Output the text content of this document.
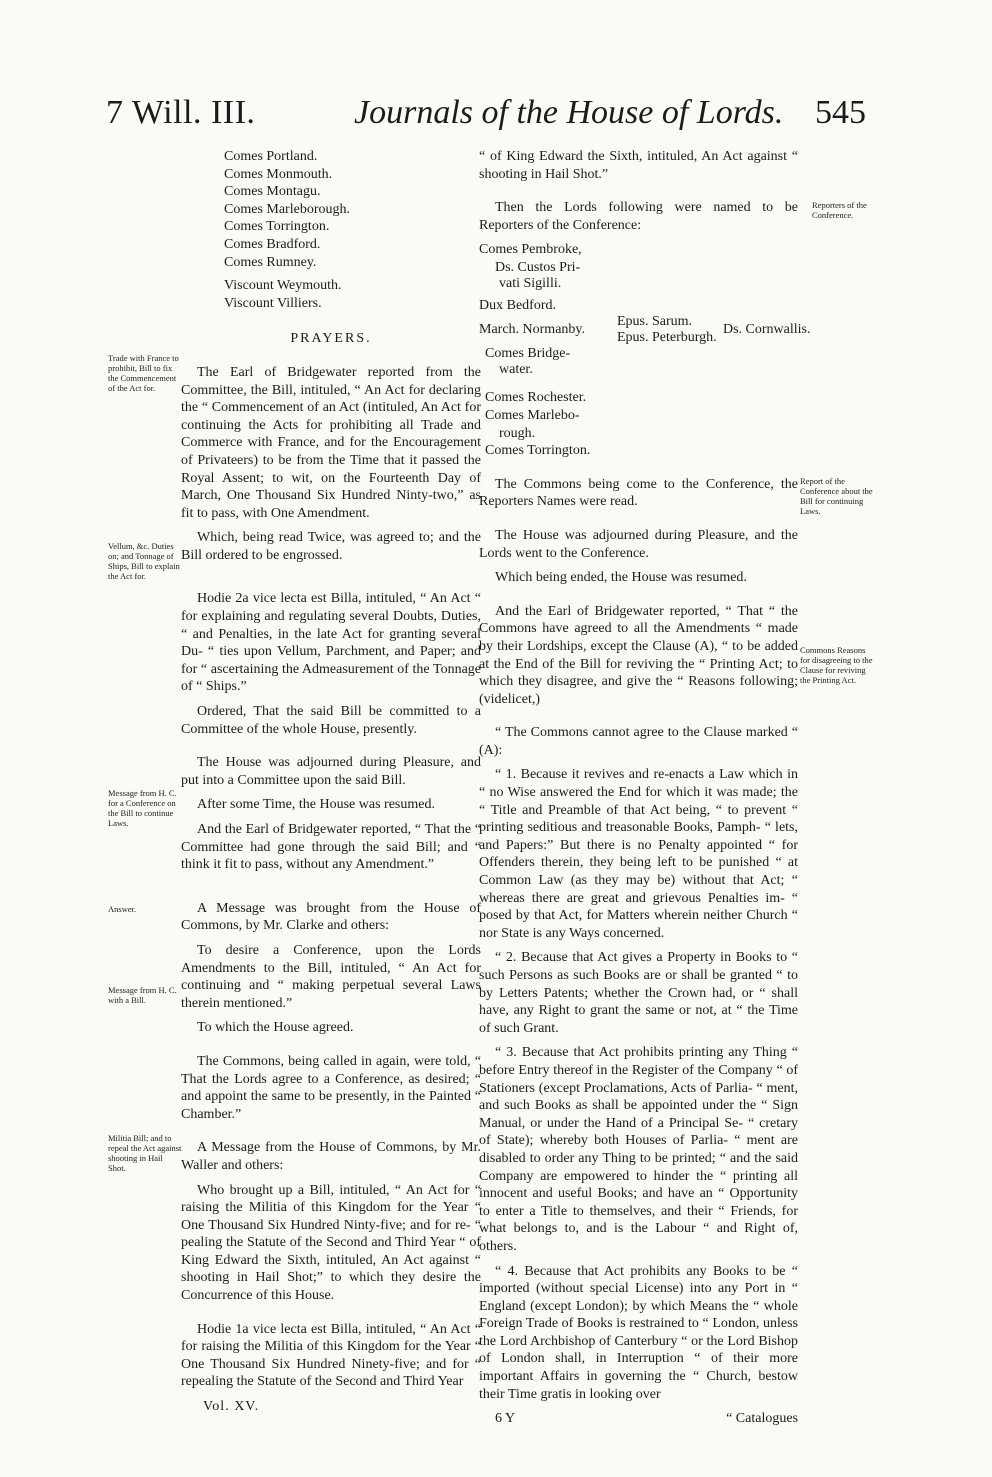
7 Will. III.	Journals of the House of Lords. 545
Trade with France to prohibit, Bill to fix the Commencement of the Act for.
Vellum, &c. Duties on; and Tonnage of Ships, Bill to explain the Act for.
Message from H. C. for a Conference on the Bill to continue Laws.
Answer.
Message from H. C. with a Bill.
Militia Bill; and to repeal the Act against shooting in Hail Shot.
Reporters of the Conference.
Report of the Conference about the Bill for continuing Laws.
Commons Reasons for disagreeing to the Clause for reviving the Printing Act.
Comes Portland.
Comes Monmouth.
Comes Montagu.
Comes Marleborough.
Comes Torrington.
Comes Bradford.
Comes Rumney.
Viscount Weymouth.
Viscount Villiers.
PRAYERS.

The Earl of Bridgewater reported from the Committee, the Bill, intituled, “ An Act for declaring the “ Commencement of an Act (intituled, An Act for continuing the Acts for prohibiting all Trade and Commerce with France, and for the Encouragement of Privateers) to be from the Time that it passed the Royal Assent; to wit, on the Fourteenth Day of March, One Thousand Six Hundred Ninty-two,” as fit to pass, with One Amendment.

Which, being read Twice, was agreed to; and the Bill ordered to be engrossed.

Hodie 2a vice lecta est Billa, intituled, “ An Act “ for explaining and regulating several Doubts, Duties, “ and Penalties, in the late Act for granting several Du- “ ties upon Vellum, Parchment, and Paper; and for “ ascertaining the Admeasurement of the Tonnage of “ Ships.”

Ordered, That the said Bill be committed to a Committee of the whole House, presently.

The House was adjourned during Pleasure, and put into a Committee upon the said Bill.

After some Time, the House was resumed.

And the Earl of Bridgewater reported, “ That the “ Committee had gone through the said Bill; and “ think it fit to pass, without any Amendment.”

A Message was brought from the House of Commons, by Mr. Clarke and others:

To desire a Conference, upon the Lords Amendments to the Bill, intituled, “ An Act for continuing and “ making perpetual several Laws therein mentioned.”

To which the House agreed.

The Commons, being called in again, were told, “ That the Lords agree to a Conference, as desired; “ and appoint the same to be presently, in the Painted “ Chamber.”

A Message from the House of Commons, by Mr. Waller and others:

Who brought up a Bill, intituled, “ An Act for “ raising the Militia of this Kingdom for the Year “ One Thousand Six Hundred Ninty-five; and for re- “ pealing the Statute of the Second and Third Year “ of King Edward the Sixth, intituled, An Act against “ shooting in Hail Shot;” to which they desire the Concurrence of this House.

Hodie 1a vice lecta est Billa, intituled, “ An Act “ for raising the Militia of this Kingdom for the Year “ One Thousand Six Hundred Ninety-five; and for “ repealing the Statute of the Second and Third Year

Vol. XV.

“ of King Edward the Sixth, intituled, An Act against “ shooting in Hail Shot.”

Then the Lords following were named to be Reporters of the Conference:

Comes Pembroke,
Ds. Custos Pri-
vati Sigilli.
Dux Bedford.
March. Normanby.
Epus. Sarum.
Epus. Peterburgh.
Ds. Cornwallis.
Comes Bridge-
water.
Comes Rochester.
Comes Marlebo-
rough.
Comes Torrington.

The Commons being come to the Conference, the Reporters Names were read.

The House was adjourned during Pleasure, and the Lords went to the Conference.

Which being ended, the House was resumed.

And the Earl of Bridgewater reported, “ That “ the Commons have agreed to all the Amendments “ made by their Lordships, except the Clause (A), “ to be added at the End of the Bill for reviving the “ Printing Act; to which they disagree, and give the “ Reasons following; (videlicet,)

“ The Commons cannot agree to the Clause marked “ (A):

“ 1. Because it revives and re-enacts a Law which in “ no Wise answered the End for which it was made; the “ Title and Preamble of that Act being, “ to prevent “ printing seditious and treasonable Books, Pamph- “ lets, and Papers:” But there is no Penalty appointed “ for Offenders therein, they being left to be punished “ at Common Law (as they may be) without that Act; “ whereas there are great and grievous Penalties im- “ posed by that Act, for Matters wherein neither Church “ nor State is any Ways concerned.

“ 2. Because that Act gives a Property in Books to “ such Persons as such Books are or shall be granted “ to by Letters Patents; whether the Crown had, or “ shall have, any Right to grant the same or not, at “ the Time of such Grant.

“ 3. Because that Act prohibits printing any Thing “ before Entry thereof in the Register of the Company “ of Stationers (except Proclamations, Acts of Parlia- “ ment, and such Books as shall be appointed under the “ Sign Manual, or under the Hand of a Principal Se- “ cretary of State); whereby both Houses of Parlia- “ ment are disabled to order any Thing to be printed; “ and the said Company are empowered to hinder the “ printing all innocent and useful Books; and have an “ Opportunity to enter a Title to themselves, and their “ Friends, for what belongs to, and is the Labour “ and Right of, others.

“ 4. Because that Act prohibits any Books to be “ imported (without special License) into any Port in “ England (except London); by which Means the “ whole Foreign Trade of Books is restrained to “ London, unless the Lord Archbishop of Canterbury “ or the Lord Bishop of London shall, in Interruption “ of their more important Affairs in governing the “ Church, bestow their Time gratis in looking over

6 Y	“ Catalogues
